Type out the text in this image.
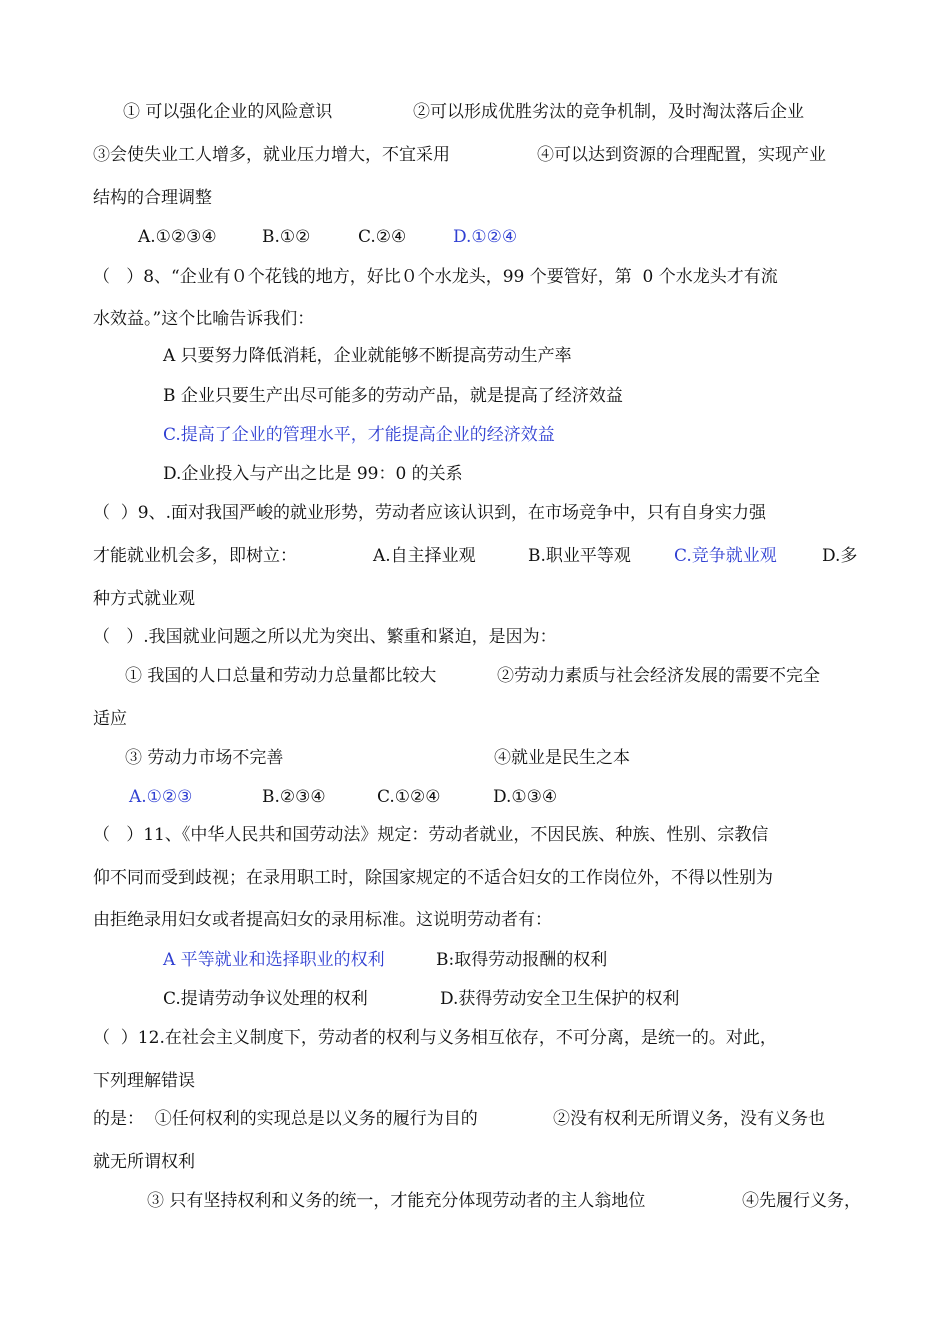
① 可以强化企业的风险意识	②可以形成优胜劣汰的竞争机制，及时淘汰落后企业

③会使失业工人增多，就业压力增大，不宜采用	④可以达到资源的合理配置，实现产业

结构的合理调整

A.①②③④	B.①②	C.②④	D.①②④

（   ）8、“企业有０个花钱的地方，好比０个水龙头，99 个要管好，第  0 个水龙头才有流

水效益。”这个比喻告诉我们：

A 只要努力降低消耗，企业就能够不断提高劳动生产率

B 企业只要生产出尽可能多的劳动产品，就是提高了经济效益

C.提高了企业的管理水平，才能提高企业的经济效益

D.企业投入与产出之比是 99：0 的关系

（  ）9、.面对我国严峻的就业形势，劳动者应该认识到，在市场竞争中，只有自身实力强

才能就业机会多，即树立：	A.自主择业观	B.职业平等观	C.竞争就业观	D.多

种方式就业观

（   ）.我国就业问题之所以尤为突出、繁重和紧迫，是因为：

① 我国的人口总量和劳动力总量都比较大	②劳动力素质与社会经济发展的需要不完全

适应

③ 劳动力市场不完善	④就业是民生之本

A.①②③	B.②③④	C.①②④	D.①③④

（   ）11、《中华人民共和国劳动法》规定：劳动者就业，不因民族、种族、性别、宗教信

仰不同而受到歧视；在录用职工时，除国家规定的不适合妇女的工作岗位外，不得以性别为

由拒绝录用妇女或者提高妇女的录用标准。这说明劳动者有：

A 平等就业和选择职业的权利	B:取得劳动报酬的权利

C.提请劳动争议处理的权利	D.获得劳动安全卫生保护的权利

（  ）12.在社会主义制度下，劳动者的权利与义务相互依存，不可分离，是统一的。对此，

下列理解错误

的是：  ①任何权利的实现总是以义务的履行为目的	②没有权利无所谓义务，没有义务也

就无所谓权利

③ 只有坚持权利和义务的统一，才能充分体现劳动者的主人翁地位	④先履行义务，
